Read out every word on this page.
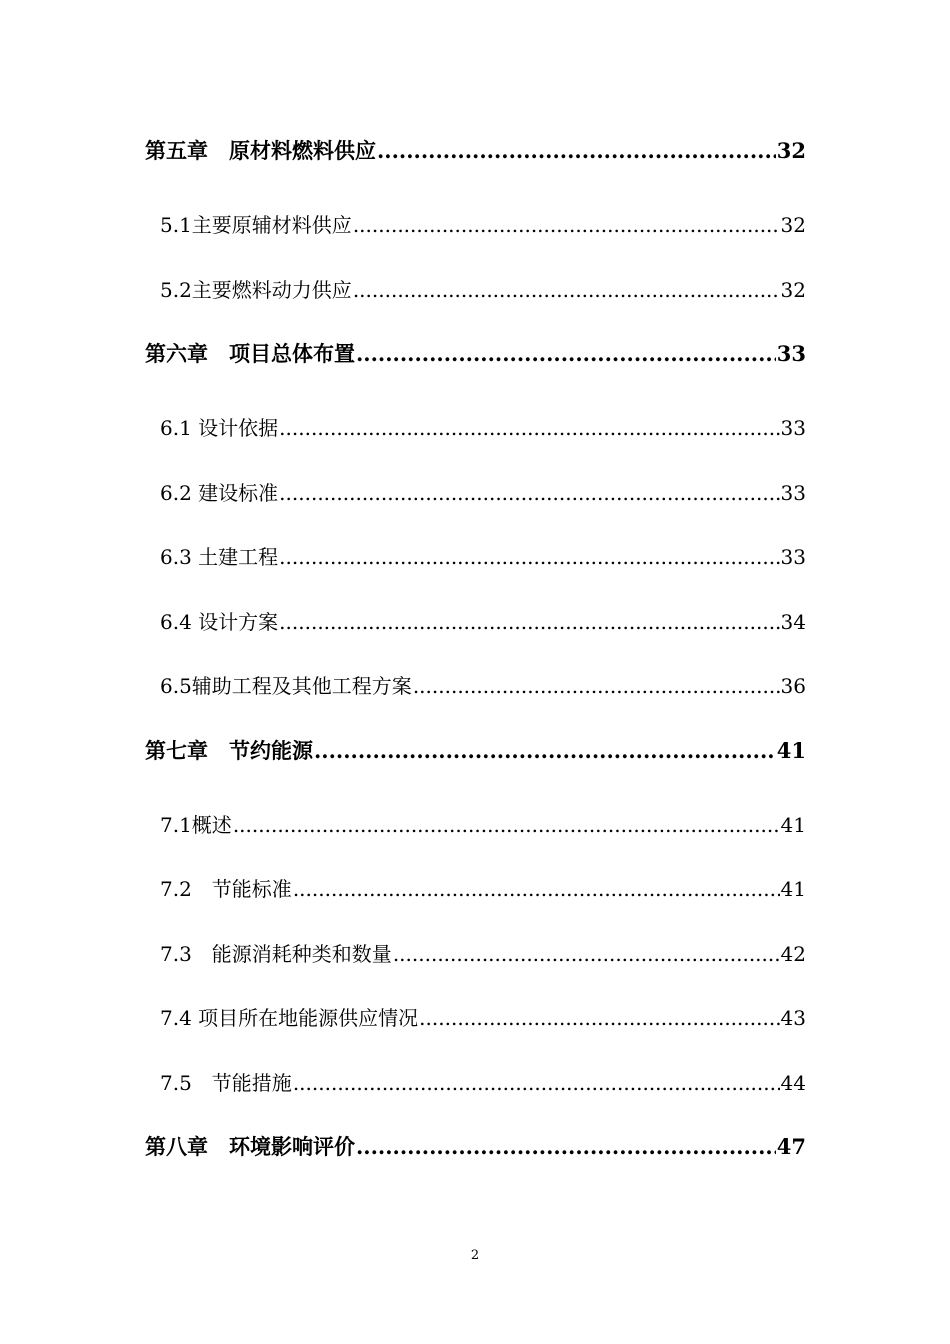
第五章　原材料燃料供应 .....	32
5.1主要原辅材料供应 .....	32
5.2主要燃料动力供应 .....	32
第六章　项目总体布置 .....	33
6.1 设计依据 .....	33
6.2 建设标准 .....	33
6.3 土建工程 .....	33
6.4 设计方案 .....	34
6.5辅助工程及其他工程方案 .....	36
第七章　节约能源 .....	41
7.1概述 .....	41
7.2　节能标准 .....	41
7.3　能源消耗种类和数量 .....	42
7.4 项目所在地能源供应情况 .....	43
7.5　节能措施 .....	44
第八章　环境影响评价 .....	47
2
